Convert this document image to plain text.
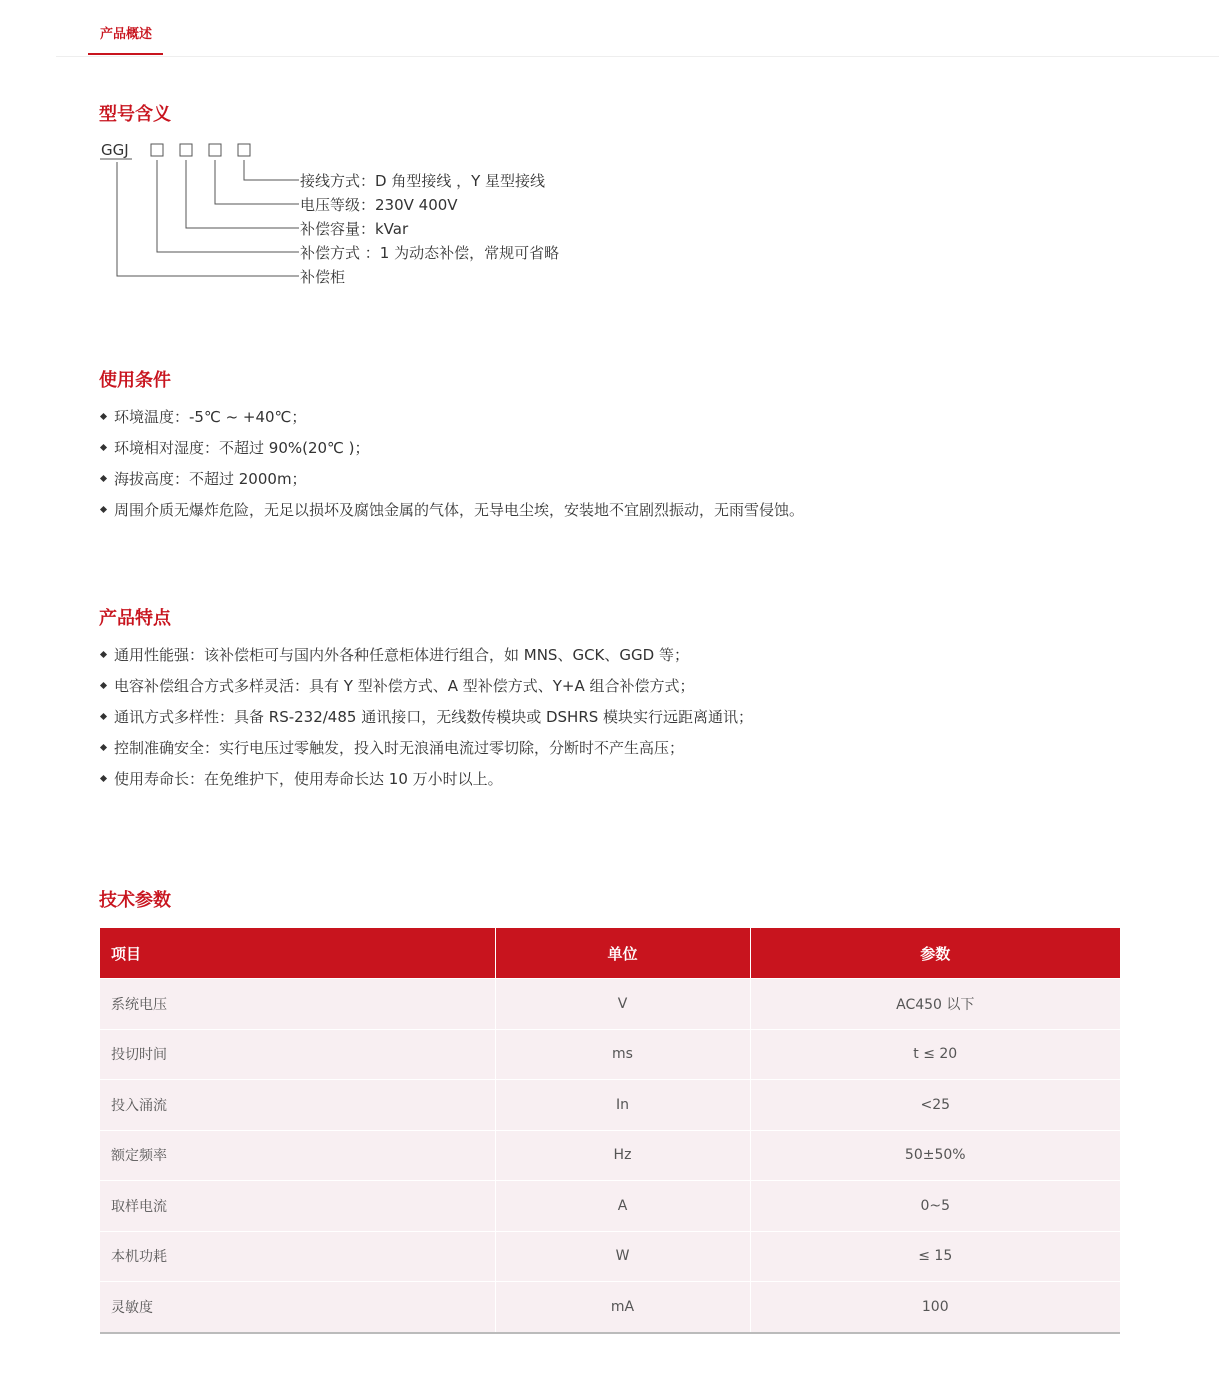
产品概述
型号含义
GGJ
接线方式：D 角型接线 ，Y 星型接线
电压等级：230V 400V
补偿容量：kVar
补偿方式 ：1 为动态补偿，常规可省略
补偿柜
使用条件
环境温度：-5℃ ~ +40℃；
环境相对湿度：不超过 90%(20℃ )；
海拔高度：不超过 2000m；
周围介质无爆炸危险，无足以损坏及腐蚀金属的气体，无导电尘埃，安装地不宜剧烈振动，无雨雪侵蚀。
产品特点
通用性能强：该补偿柜可与国内外各种任意柜体进行组合，如 MNS、GCK、GGD 等；
电容补偿组合方式多样灵活：具有 Y 型补偿方式、A 型补偿方式、Y+A 组合补偿方式；
通讯方式多样性：具备 RS-232/485 通讯接口，无线数传模块或 DSHRS 模块实行远距离通讯；
控制准确安全：实行电压过零触发，投入时无浪涌电流过零切除，分断时不产生高压；
使用寿命长：在免维护下，使用寿命长达 10 万小时以上。
技术参数
项目	单位	参数
系统电压	V	AC450 以下
投切时间	ms	t ≤ 20
投入涌流	In	<25
额定频率	Hz	50±50%
取样电流	A	0~5
本机功耗	W	≤ 15
灵敏度	mA	100
